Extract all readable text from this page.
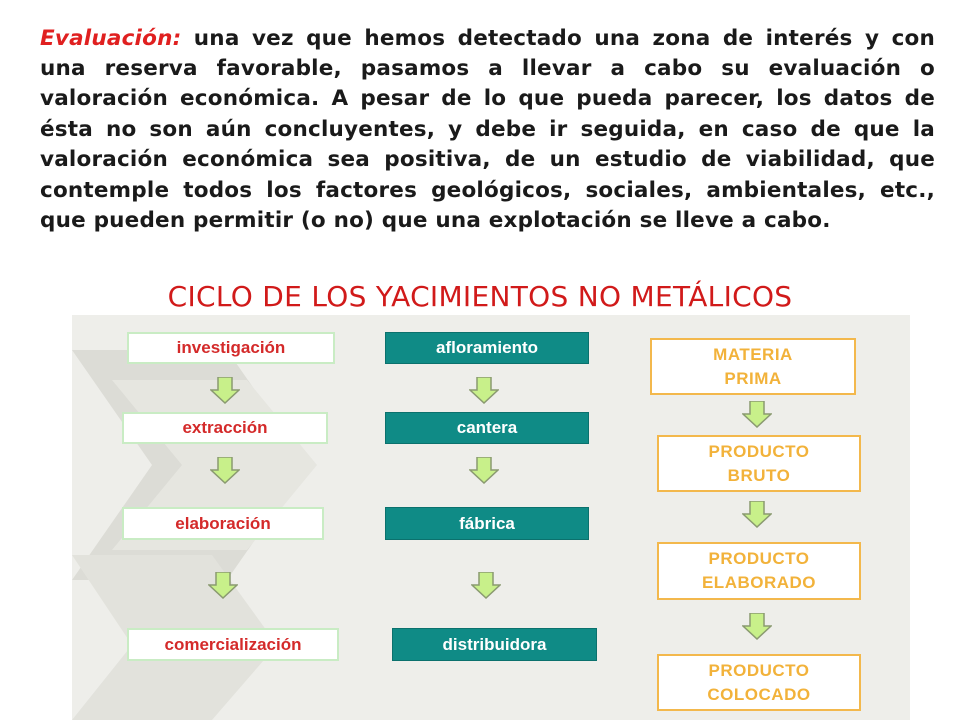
Evaluación: una vez que hemos detectado una zona de interés y con una reserva favorable, pasamos a llevar a cabo su evaluación o valoración económica. A pesar de lo que pueda parecer, los datos de ésta no son aún concluyentes, y debe ir seguida, en caso de que la valoración económica sea positiva, de un estudio de viabilidad, que contemple todos los factores geológicos, sociales, ambientales, etc., que pueden permitir (o no) que una explotación se lleve a cabo.

CICLO DE LOS YACIMIENTOS NO METÁLICOS
investigación
extracción
elaboración
comercialización
afloramiento
cantera
fábrica
distribuidora
MATERIA
PRIMA
PRODUCTO
BRUTO
PRODUCTO
ELABORADO
PRODUCTO
COLOCADO
